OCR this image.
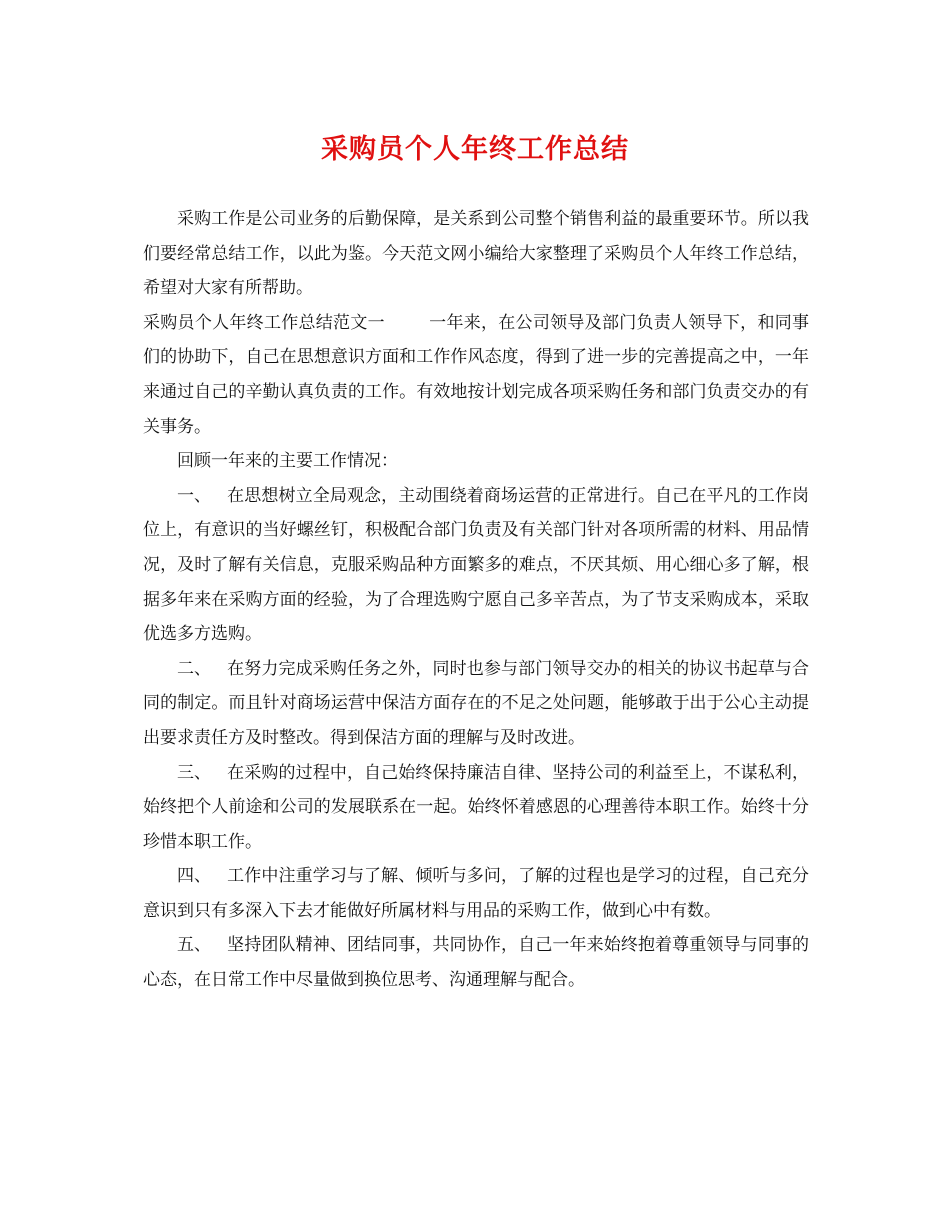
采购员个人年终工作总结

采购工作是公司业务的后勤保障，是关系到公司整个销售利益的最重要环节。所以我们要经常总结工作，以此为鉴。今天范文网小编给大家整理了采购员个人年终工作总结，希望对大家有所帮助。

采购员个人年终工作总结范文一	一年来，在公司领导及部门负责人领导下，和同事们的协助下，自己在思想意识方面和工作作风态度，得到了进一步的完善提高之中，一年来通过自己的辛勤认真负责的工作。有效地按计划完成各项采购任务和部门负责交办的有关事务。

回顾一年来的主要工作情况：

一、 在思想树立全局观念，主动围绕着商场运营的正常进行。自己在平凡的工作岗位上，有意识的当好螺丝钉，积极配合部门负责及有关部门针对各项所需的材料、用品情况，及时了解有关信息，克服采购品种方面繁多的难点，不厌其烦、用心细心多了解，根据多年来在采购方面的经验，为了合理选购宁愿自己多辛苦点，为了节支采购成本，采取优选多方选购。

二、 在努力完成采购任务之外，同时也参与部门领导交办的相关的协议书起草与合同的制定。而且针对商场运营中保洁方面存在的不足之处问题，能够敢于出于公心主动提出要求责任方及时整改。得到保洁方面的理解与及时改进。

三、 在采购的过程中，自己始终保持廉洁自律、坚持公司的利益至上，不谋私利，始终把个人前途和公司的发展联系在一起。始终怀着感恩的心理善待本职工作。始终十分珍惜本职工作。

四、 工作中注重学习与了解、倾听与多问，了解的过程也是学习的过程，自己充分意识到只有多深入下去才能做好所属材料与用品的采购工作，做到心中有数。

五、 坚持团队精神、团结同事，共同协作，自己一年来始终抱着尊重领导与同事的心态，在日常工作中尽量做到换位思考、沟通理解与配合。
